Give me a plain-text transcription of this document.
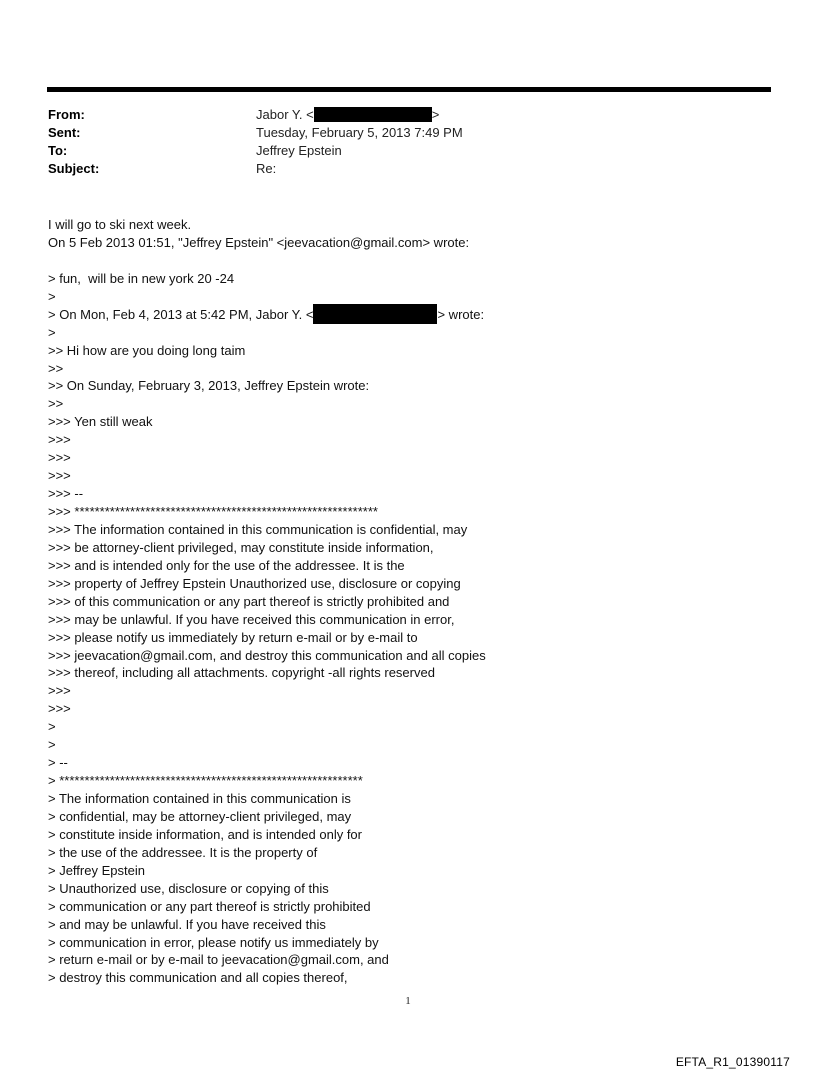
From:	Jabor Y. <	>
Sent:	Tuesday, February 5, 2013 7:49 PM
To:	Jeffrey Epstein
Subject:	Re:
I will go to ski next week.
On 5 Feb 2013 01:51, "Jeffrey Epstein" <jeevacation@gmail.com> wrote:
> fun,  will be in new york 20 -24
>
> On Mon, Feb 4, 2013 at 5:42 PM, Jabor Y. <	> wrote:
>
>> Hi how are you doing long taim
>>
>> On Sunday, February 3, 2013, Jeffrey Epstein wrote:
>>
>>> Yen still weak
>>>
>>>
>>>
>>> --
>>> ************************************************************
>>> The information contained in this communication is confidential, may
>>> be attorney-client privileged, may constitute inside information,
>>> and is intended only for the use of the addressee. It is the
>>> property of Jeffrey Epstein Unauthorized use, disclosure or copying
>>> of this communication or any part thereof is strictly prohibited and
>>> may be unlawful. If you have received this communication in error,
>>> please notify us immediately by return e-mail or by e-mail to
>>> jeevacation@gmail.com, and destroy this communication and all copies
>>> thereof, including all attachments. copyright -all rights reserved
>>>
>>>
>
>
> --
> ************************************************************
> The information contained in this communication is
> confidential, may be attorney-client privileged, may
> constitute inside information, and is intended only for
> the use of the addressee. It is the property of
> Jeffrey Epstein
> Unauthorized use, disclosure or copying of this
> communication or any part thereof is strictly prohibited
> and may be unlawful. If you have received this
> communication in error, please notify us immediately by
> return e-mail or by e-mail to jeevacation@gmail.com, and
> destroy this communication and all copies thereof,
1
EFTA_R1_01390117
